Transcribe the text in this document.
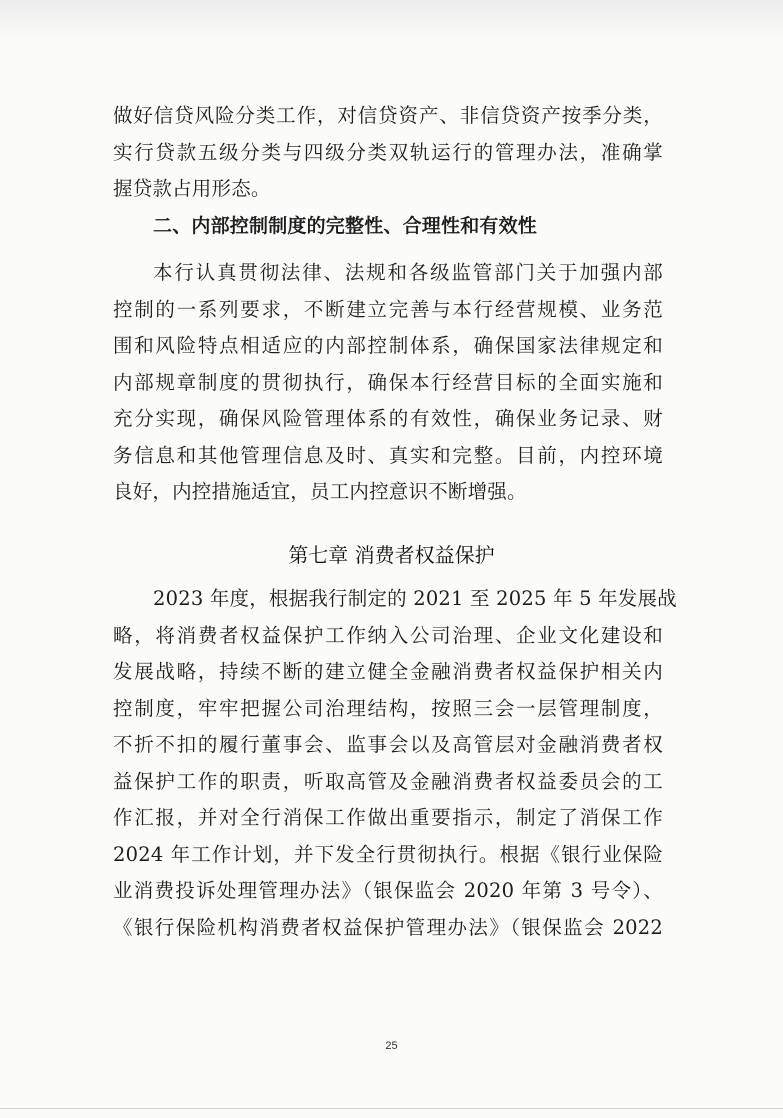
做好信贷风险分类工作，对信贷资产、非信贷资产按季分类，
实行贷款五级分类与四级分类双轨运行的管理办法，准确掌
握贷款占用形态。
二、内部控制制度的完整性、合理性和有效性
本行认真贯彻法律、法规和各级监管部门关于加强内部
控制的一系列要求，不断建立完善与本行经营规模、业务范
围和风险特点相适应的内部控制体系，确保国家法律规定和
内部规章制度的贯彻执行，确保本行经营目标的全面实施和
充分实现，确保风险管理体系的有效性，确保业务记录、财
务信息和其他管理信息及时、真实和完整。目前，内控环境
良好，内控措施适宜，员工内控意识不断增强。
第七章 消费者权益保护
2023 年度，根据我行制定的 2021 至 2025 年 5 年发展战
略，将消费者权益保护工作纳入公司治理、企业文化建设和
发展战略，持续不断的建立健全金融消费者权益保护相关内
控制度，牢牢把握公司治理结构，按照三会一层管理制度，
不折不扣的履行董事会、监事会以及高管层对金融消费者权
益保护工作的职责，听取高管及金融消费者权益委员会的工
作汇报，并对全行消保工作做出重要指示，制定了消保工作
2024 年工作计划，并下发全行贯彻执行。根据《银行业保险
业消费投诉处理管理办法》（银保监会 2020 年第 3 号令）、
《银行保险机构消费者权益保护管理办法》（银保监会 2022
25
